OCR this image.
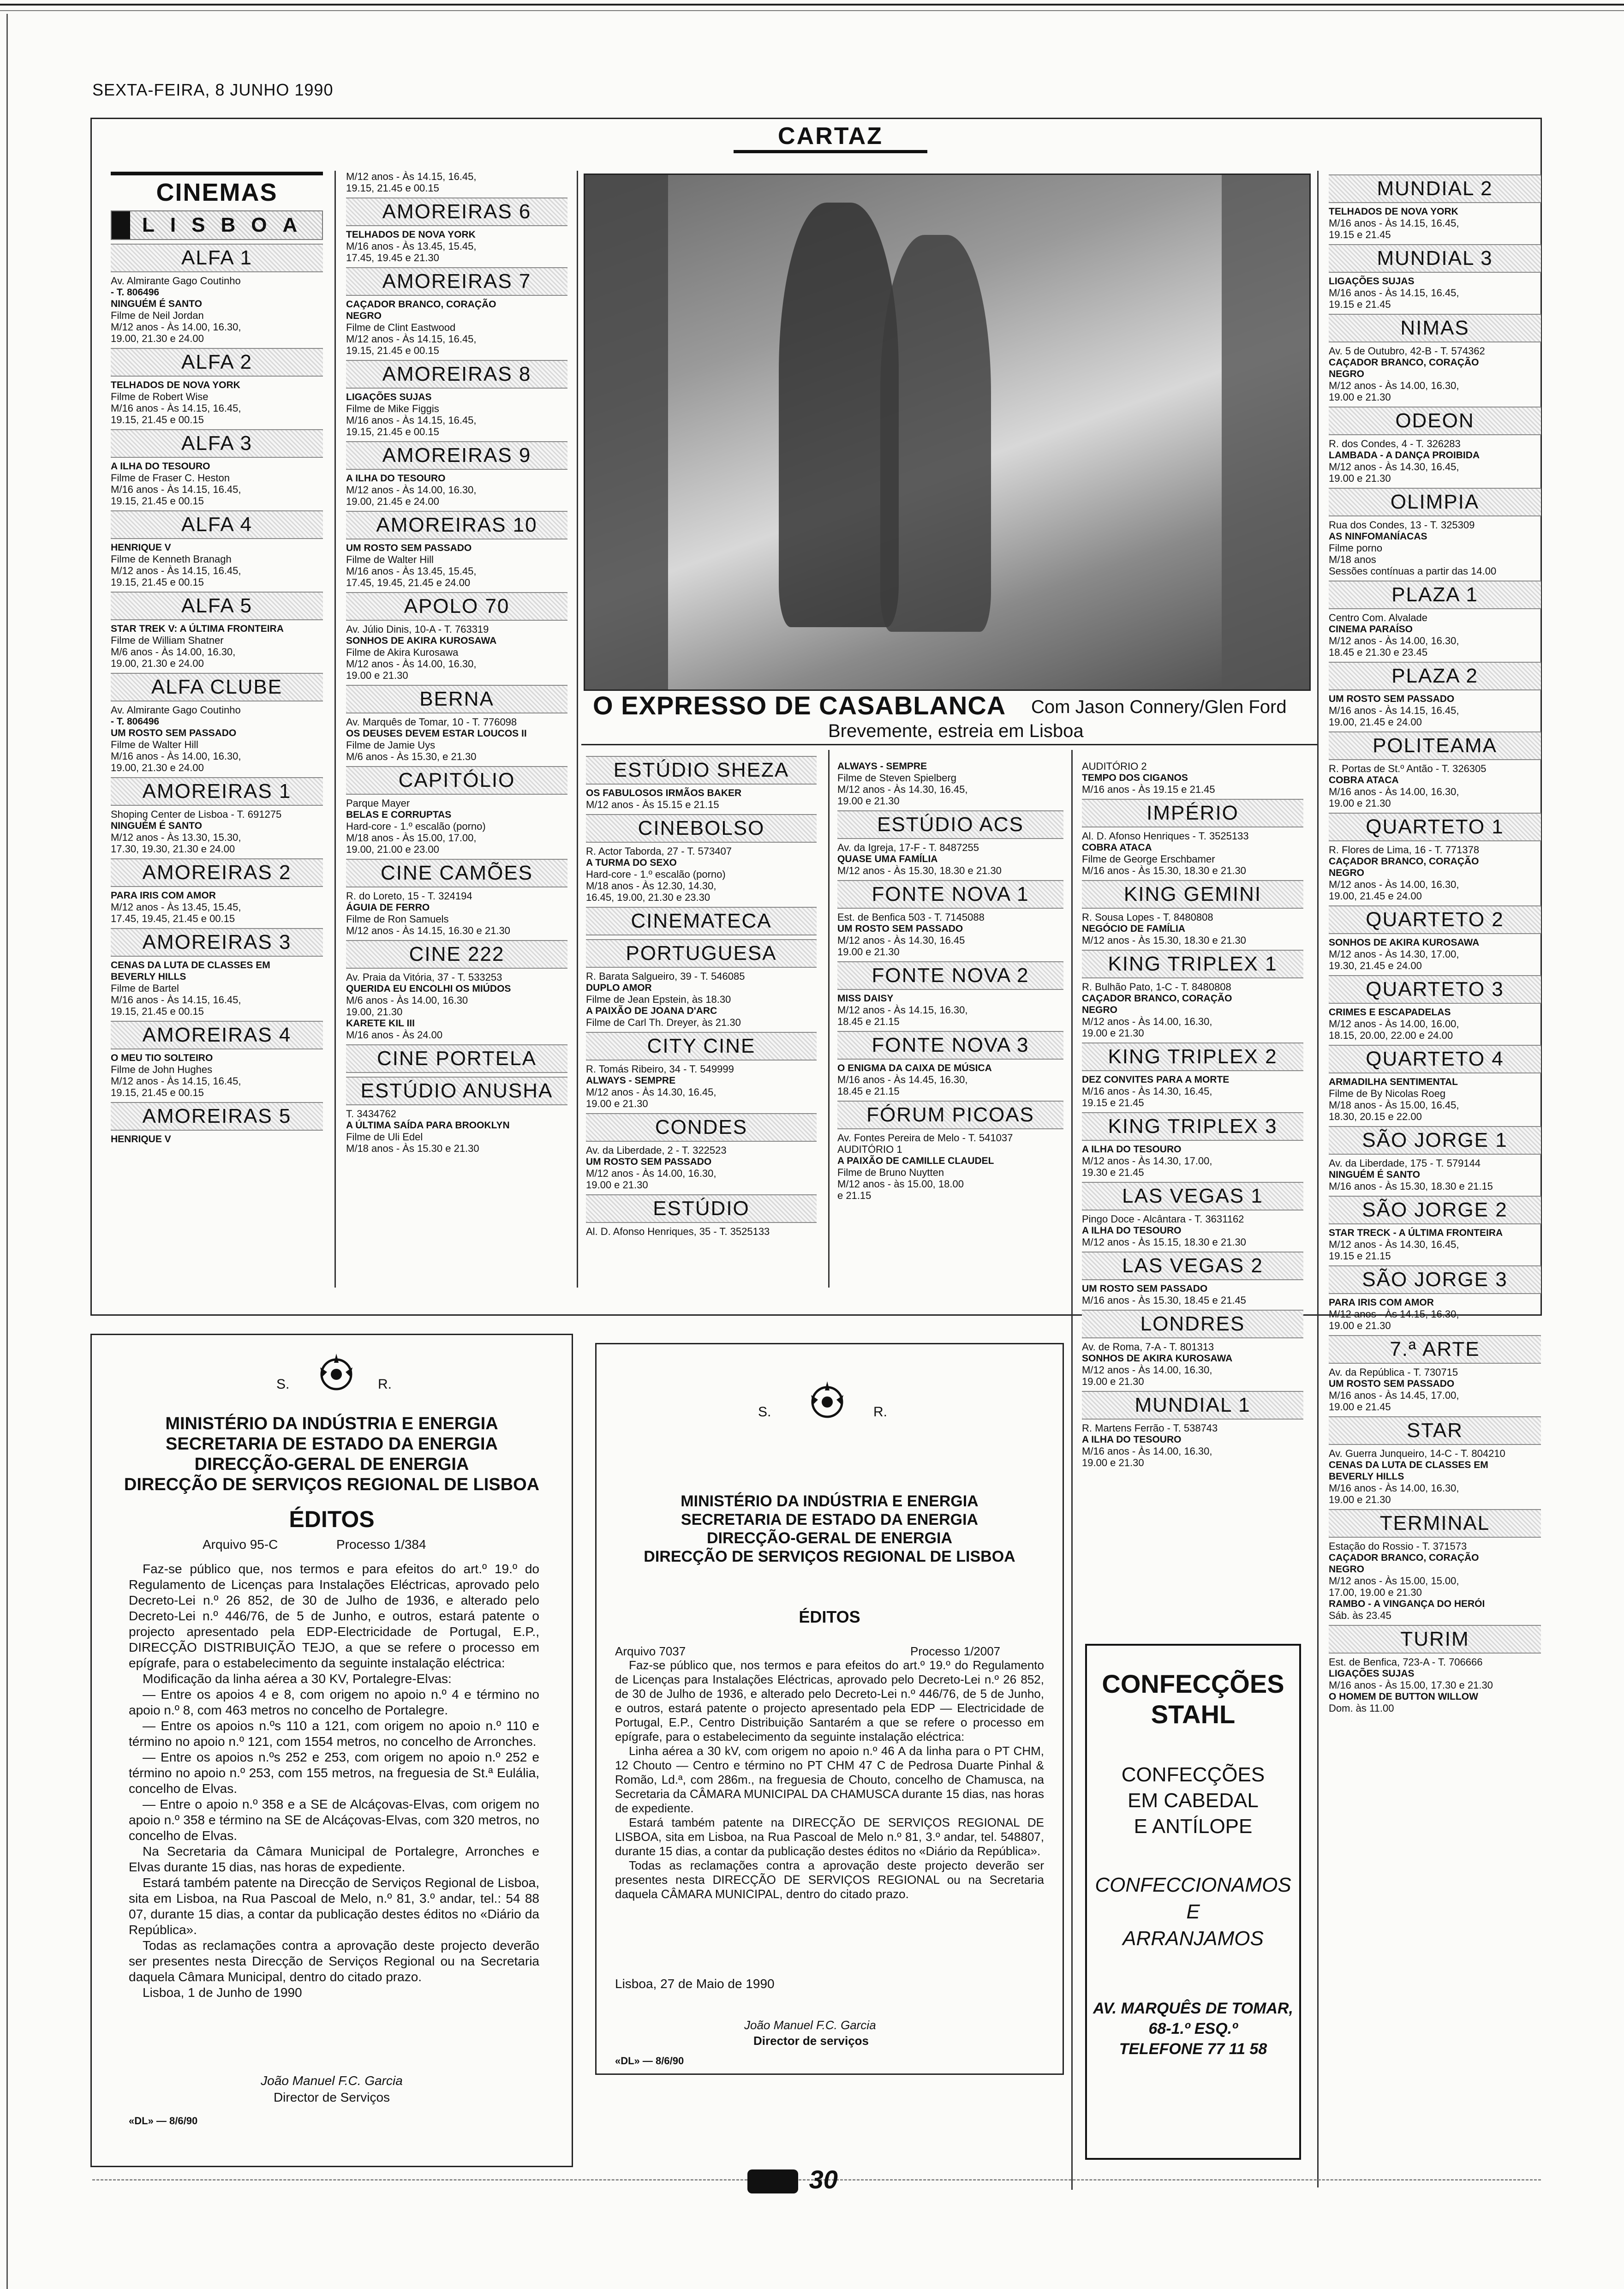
SEXTA-FEIRA, 8 JUNHO 1990
CARTAZ
CINEMAS
LISBOA
ALFA 1
Av. Almirante Gago Coutinho
- T. 806496
NINGUÉM É SANTO
Filme de Neil Jordan
M/12 anos - Às 14.00, 16.30,
19.00, 21.30 e 24.00
ALFA 2
TELHADOS DE NOVA YORK
Filme de Robert Wise
M/16 anos - Às 14.15, 16.45,
19.15, 21.45 e 00.15
ALFA 3
A ILHA DO TESOURO
Filme de Fraser C. Heston
M/16 anos - Às 14.15, 16.45,
19.15, 21.45 e 00.15
ALFA 4
HENRIQUE V
Filme de Kenneth Branagh
M/12 anos - Às 14.15, 16.45,
19.15, 21.45 e 00.15
ALFA 5
STAR TREK V: A ÚLTIMA FRONTEIRA
Filme de William Shatner
M/6 anos - Às 14.00, 16.30,
19.00, 21.30 e 24.00
ALFA CLUBE
Av. Almirante Gago Coutinho
- T. 806496
UM ROSTO SEM PASSADO
Filme de Walter Hill
M/16 anos - Às 14.00, 16.30,
19.00, 21.30 e 24.00
AMOREIRAS 1
Shoping Center de Lisboa - T. 691275
NINGUÉM É SANTO
M/12 anos - Às 13.30, 15.30,
17.30, 19.30, 21.30 e 24.00
AMOREIRAS 2
PARA IRIS COM AMOR
M/12 anos - Às 13.45, 15.45,
17.45, 19.45, 21.45 e 00.15
AMOREIRAS 3
CENAS DA LUTA DE CLASSES EM
BEVERLY HILLS
Filme de Bartel
M/16 anos - Às 14.15, 16.45,
19.15, 21.45 e 00.15
AMOREIRAS 4
O MEU TIO SOLTEIRO
Filme de John Hughes
M/12 anos - Às 14.15, 16.45,
19.15, 21.45 e 00.15
AMOREIRAS 5
HENRIQUE V
M/12 anos - Às 14.15, 16.45,
19.15, 21.45 e 00.15
AMOREIRAS 6
TELHADOS DE NOVA YORK
M/16 anos - Às 13.45, 15.45,
17.45, 19.45 e 21.30
AMOREIRAS 7
CAÇADOR BRANCO, CORAÇÃO
NEGRO
Filme de Clint Eastwood
M/12 anos - Às 14.15, 16.45,
19.15, 21.45 e 00.15
AMOREIRAS 8
LIGAÇÕES SUJAS
Filme de Mike Figgis
M/16 anos - Às 14.15, 16.45,
19.15, 21.45 e 00.15
AMOREIRAS 9
A ILHA DO TESOURO
M/12 anos - Às 14.00, 16.30,
19.00, 21.45 e 24.00
AMOREIRAS 10
UM ROSTO SEM PASSADO
Filme de Walter Hill
M/16 anos - Às 13.45, 15.45,
17.45, 19.45, 21.45 e 24.00
APOLO 70
Av. Júlio Dinis, 10-A - T. 763319
SONHOS DE AKIRA KUROSAWA
Filme de Akira Kurosawa
M/12 anos - Às 14.00, 16.30,
19.00 e 21.30
BERNA
Av. Marquês de Tomar, 10 - T. 776098
OS DEUSES DEVEM ESTAR LOUCOS II
Filme de Jamie Uys
M/6 anos - Às 15.30, e 21.30
CAPITÓLIO
Parque Mayer
BELAS E CORRUPTAS
Hard-core - 1.º escalão (porno)
M/18 anos - Às 15.00, 17.00,
19.00, 21.00 e 23.00
CINE CAMÕES
R. do Loreto, 15 - T. 324194
ÁGUIA DE FERRO
Filme de Ron Samuels
M/12 anos - Às 14.15, 16.30 e 21.30
CINE 222
Av. Praia da Vitória, 37 - T. 533253
QUERIDA EU ENCOLHI OS MIÚDOS
M/6 anos - Às 14.00, 16.30
19.00, 21.30
KARETE KIL III
M/16 anos - Às 24.00
CINE PORTELA
ESTÚDIO ANUSHA
T. 3434762
A ÚLTIMA SAÍDA PARA BROOKLYN
Filme de Uli Edel
M/18 anos - Às 15.30 e 21.30
O EXPRESSO DE CASABLANCA Com Jason Connery/Glen Ford
Brevemente, estreia em Lisboa
ESTÚDIO SHEZA
OS FABULOSOS IRMÃOS BAKER
M/12 anos - Às 15.15 e 21.15
CINEBOLSO
R. Actor Taborda, 27 - T. 573407
A TURMA DO SEXO
Hard-core - 1.º escalão (porno)
M/18 anos - Às 12.30, 14.30,
16.45, 19.00, 21.30 e 23.30
CINEMATECA
PORTUGUESA
R. Barata Salgueiro, 39 - T. 546085
DUPLO AMOR
Filme de Jean Epstein, às 18.30
A PAIXÃO DE JOANA D'ARC
Filme de Carl Th. Dreyer, às 21.30
CITY CINE
R. Tomás Ribeiro, 34 - T. 549999
ALWAYS - SEMPRE
M/12 anos - Às 14.30, 16.45,
19.00 e 21.30
CONDES
Av. da Liberdade, 2 - T. 322523
UM ROSTO SEM PASSADO
M/12 anos - Às 14.00, 16.30,
19.00 e 21.30
ESTÚDIO
Al. D. Afonso Henriques, 35 - T. 3525133
ALWAYS - SEMPRE
Filme de Steven Spielberg
M/12 anos - Às 14.30, 16.45,
19.00 e 21.30
ESTÚDIO ACS
Av. da Igreja, 17-F - T. 8487255
QUASE UMA FAMÍLIA
M/12 anos - Às 15.30, 18.30 e 21.30
FONTE NOVA 1
Est. de Benfica 503 - T. 7145088
UM ROSTO SEM PASSADO
M/12 anos - Às 14.30, 16.45
19.00 e 21.30
FONTE NOVA 2
MISS DAISY
M/12 anos - Às 14.15, 16.30,
18.45 e 21.15
FONTE NOVA 3
O ENIGMA DA CAIXA DE MÚSICA
M/16 anos - Às 14.45, 16.30,
18.45 e 21.15
FÓRUM PICOAS
Av. Fontes Pereira de Melo - T. 541037
AUDITÓRIO 1
A PAIXÃO DE CAMILLE CLAUDEL
Filme de Bruno Nuytten
M/12 anos - às 15.00, 18.00
e 21.15
AUDITÓRIO 2
TEMPO DOS CIGANOS
M/16 anos - Às 19.15 e 21.45
IMPÉRIO
Al. D. Afonso Henriques - T. 3525133
COBRA ATACA
Filme de George Erschbamer
M/16 anos - Às 15.30, 18.30 e 21.30
KING GEMINI
R. Sousa Lopes - T. 8480808
NEGÓCIO DE FAMÍLIA
M/12 anos - Às 15.30, 18.30 e 21.30
KING TRIPLEX 1
R. Bulhão Pato, 1-C - T. 8480808
CAÇADOR BRANCO, CORAÇÃO
NEGRO
M/12 anos - Às 14.00, 16.30,
19.00 e 21.30
KING TRIPLEX 2
DEZ CONVITES PARA A MORTE
M/16 anos - Às 14.30, 16.45,
19.15 e 21.45
KING TRIPLEX 3
A ILHA DO TESOURO
M/12 anos - Às 14.30, 17.00,
19.30 e 21.45
LAS VEGAS 1
Pingo Doce - Alcântara - T. 3631162
A ILHA DO TESOURO
M/12 anos - Às 15.15, 18.30 e 21.30
LAS VEGAS 2
UM ROSTO SEM PASSADO
M/16 anos - Às 15.30, 18.45 e 21.45
LONDRES
Av. de Roma, 7-A - T. 801313
SONHOS DE AKIRA KUROSAWA
M/12 anos - Às 14.00, 16.30,
19.00 e 21.30
MUNDIAL 1
R. Martens Ferrão - T. 538743
A ILHA DO TESOURO
M/16 anos - Às 14.00, 16.30,
19.00 e 21.30
MUNDIAL 2
TELHADOS DE NOVA YORK
M/16 anos - Às 14.15, 16.45,
19.15 e 21.45
MUNDIAL 3
LIGAÇÕES SUJAS
M/16 anos - Às 14.15, 16.45,
19.15 e 21.45
NIMAS
Av. 5 de Outubro, 42-B - T. 574362
CAÇADOR BRANCO, CORAÇÃO
NEGRO
M/12 anos - Às 14.00, 16.30,
19.00 e 21.30
ODEON
R. dos Condes, 4 - T. 326283
LAMBADA - A DANÇA PROIBIDA
M/12 anos - Às 14.30, 16.45,
19.00 e 21.30
OLIMPIA
Rua dos Condes, 13 - T. 325309
AS NINFOMANÍACAS
Filme porno
M/18 anos
Sessões contínuas a partir das 14.00
PLAZA 1
Centro Com. Alvalade
CINEMA PARAÍSO
M/12 anos - Às 14.00, 16.30,
18.45 e 21.30 e 23.45
PLAZA 2
UM ROSTO SEM PASSADO
M/16 anos - Às 14.15, 16.45,
19.00, 21.45 e 24.00
POLITEAMA
R. Portas de St.º Antão - T. 326305
COBRA ATACA
M/16 anos - Às 14.00, 16.30,
19.00 e 21.30
QUARTETO 1
R. Flores de Lima, 16 - T. 771378
CAÇADOR BRANCO, CORAÇÃO
NEGRO
M/12 anos - Às 14.00, 16.30,
19.00, 21.45 e 24.00
QUARTETO 2
SONHOS DE AKIRA KUROSAWA
M/12 anos - Às 14.30, 17.00,
19.30, 21.45 e 24.00
QUARTETO 3
CRIMES E ESCAPADELAS
M/12 anos - Às 14.00, 16.00,
18.15, 20.00, 22.00 e 24.00
QUARTETO 4
ARMADILHA SENTIMENTAL
Filme de By Nicolas Roeg
M/18 anos - Às 15.00, 16.45,
18.30, 20.15 e 22.00
SÃO JORGE 1
Av. da Liberdade, 175 - T. 579144
NINGUÉM É SANTO
M/16 anos - Às 15.30, 18.30 e 21.15
SÃO JORGE 2
STAR TRECK - A ÚLTIMA FRONTEIRA
M/12 anos - Às 14.30, 16.45,
19.15 e 21.15
SÃO JORGE 3
PARA IRIS COM AMOR
M/12 anos - Às 14.15, 16.30,
19.00 e 21.30
7.ª ARTE
Av. da República - T. 730715
UM ROSTO SEM PASSADO
M/16 anos - Às 14.45, 17.00,
19.00 e 21.45
STAR
Av. Guerra Junqueiro, 14-C - T. 804210
CENAS DA LUTA DE CLASSES EM
BEVERLY HILLS
M/16 anos - Às 14.00, 16.30,
19.00 e 21.30
TERMINAL
Estação do Rossio - T. 371573
CAÇADOR BRANCO, CORAÇÃO
NEGRO
M/12 anos - Às 15.00, 15.00,
17.00, 19.00 e 21.30
RAMBO - A VINGANÇA DO HERÓI
Sáb. às 23.45
TURIM
Est. de Benfica, 723-A - T. 706666
LIGAÇÕES SUJAS
M/16 anos - Às 15.00, 17.30 e 21.30
O HOMEM DE BUTTON WILLOW
Dom. às 11.00
S.	R.
MINISTÉRIO DA INDÚSTRIA E ENERGIA
SECRETARIA DE ESTADO DA ENERGIA
DIRECÇÃO-GERAL DE ENERGIA
DIRECÇÃO DE SERVIÇOS REGIONAL DE LISBOA
ÉDITOS
Arquivo 95-C	Processo 1/384
Faz-se público que, nos termos e para efeitos do art.º 19.º do Regulamento de Licenças para Instalações Eléctricas, aprovado pelo Decreto-Lei n.º 26 852, de 30 de Julho de 1936, e alterado pelo Decreto-Lei n.º 446/76, de 5 de Junho, e outros, estará patente o projecto apresentado pela EDP-Electricidade de Portugal, E.P., DIRECÇÃO DISTRIBUIÇÃO TEJO, a que se refere o processo em epígrafe, para o estabelecimento da seguinte instalação eléctrica:
Modificação da linha aérea a 30 KV, Portalegre-Elvas:
— Entre os apoios 4 e 8, com origem no apoio n.º 4 e término no apoio n.º 8, com 463 metros no concelho de Portalegre.
— Entre os apoios n.ºs 110 a 121, com origem no apoio n.º 110 e término no apoio n.º 121, com 1554 metros, no concelho de Arronches.
— Entre os apoios n.ºs 252 e 253, com origem no apoio n.º 252 e término no apoio n.º 253, com 155 metros, na freguesia de St.ª Eulália, concelho de Elvas.
— Entre o apoio n.º 358 e a SE de Alcáçovas-Elvas, com origem no apoio n.º 358 e término na SE de Alcáçovas-Elvas, com 320 metros, no concelho de Elvas.
Na Secretaria da Câmara Municipal de Portalegre, Arronches e Elvas durante 15 dias, nas horas de expediente.
Estará também patente na Direcção de Serviços Regional de Lisboa, sita em Lisboa, na Rua Pascoal de Melo, n.º 81, 3.º andar, tel.: 54 88 07, durante 15 dias, a contar da publicação destes éditos no «Diário da República».
Todas as reclamações contra a aprovação deste projecto deverão ser presentes nesta Direcção de Serviços Regional ou na Secretaria daquela Câmara Municipal, dentro do citado prazo.
Lisboa, 1 de Junho de 1990
João Manuel F.C. Garcia
Director de Serviços
«DL» — 8/6/90
S.	R.
MINISTÉRIO DA INDÚSTRIA E ENERGIA
SECRETARIA DE ESTADO DA ENERGIA
DIRECÇÃO-GERAL DE ENERGIA
DIRECÇÃO DE SERVIÇOS REGIONAL DE LISBOA
ÉDITOS
Arquivo 7037	Processo 1/2007
Faz-se público que, nos termos e para efeitos do art.º 19.º do Regulamento de Licenças para Instalações Eléctricas, aprovado pelo Decreto-Lei n.º 26 852, de 30 de Julho de 1936, e alterado pelo Decreto-Lei n.º 446/76, de 5 de Junho, e outros, estará patente o projecto apresentado pela EDP — Electricidade de Portugal, E.P., Centro Distribuição Santarém a que se refere o processo em epígrafe, para o estabelecimento da seguinte instalação eléctrica:
Linha aérea a 30 kV, com origem no apoio n.º 46 A da linha para o PT CHM, 12 Chouto — Centro e término no PT CHM 47 C de Pedrosa Duarte Pinhal & Romão, Ld.ª, com 286m., na freguesia de Chouto, concelho de Chamusca, na Secretaria da CÂMARA MUNICIPAL DA CHAMUSCA durante 15 dias, nas horas de expediente.
Estará também patente na DIRECÇÃO DE SERVIÇOS REGIONAL DE LISBOA, sita em Lisboa, na Rua Pascoal de Melo n.º 81, 3.º andar, tel. 548807, durante 15 dias, a contar da publicação destes éditos no «Diário da República».
Todas as reclamações contra a aprovação deste projecto deverão ser presentes nesta DIRECÇÃO DE SERVIÇOS REGIONAL ou na Secretaria daquela CÂMARA MUNICIPAL, dentro do citado prazo.
Lisboa, 27 de Maio de 1990
João Manuel F.C. Garcia
Director de serviços
«DL» — 8/6/90
CONFECÇÕES
STAHL
CONFECÇÕES
EM CABEDAL
E ANTÍLOPE
CONFECCIONAMOS
E
ARRANJAMOS
AV. MARQUÊS DE TOMAR,
68-1.º ESQ.º
TELEFONE 77 11 58
30
